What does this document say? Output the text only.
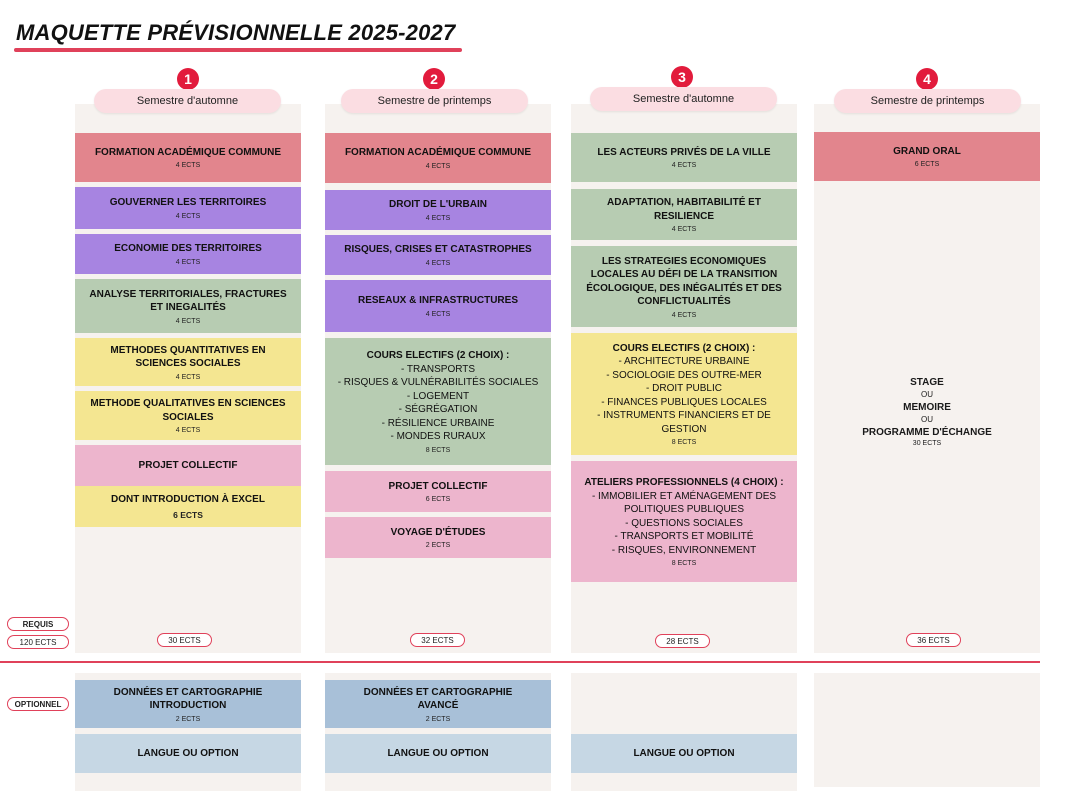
MAQUETTE PRÉVISIONNELLE 2025-2027
1
Semestre d'automne
2
Semestre de printemps
3
Semestre d'automne
4
Semestre de printemps
FORMATION ACADÉMIQUE COMMUNE
4 ECTS
GOUVERNER LES TERRITOIRES
4 ECTS
ECONOMIE DES TERRITOIRES
4 ECTS
ANALYSE TERRITORIALES, FRACTURES
ET INEGALITÉS
4 ECTS
METHODES QUANTITATIVES EN
SCIENCES SOCIALES
4 ECTS
METHODE QUALITATIVES EN SCIENCES
SOCIALES
4 ECTS
PROJET COLLECTIF
DONT INTRODUCTION À EXCEL
6 ECTS
30 ECTS
FORMATION ACADÉMIQUE COMMUNE
4 ECTS
DROIT DE L'URBAIN
4 ECTS
RISQUES, CRISES ET CATASTROPHES
4 ECTS
RESEAUX & INFRASTRUCTURES
4 ECTS
COURS ELECTIFS (2 CHOIX) :
- TRANSPORTS
- RISQUES & VULNÉRABILITÉS SOCIALES
- LOGEMENT
- SÉGRÉGATION
- RÉSILIENCE URBAINE
- MONDES RURAUX
8 ECTS
PROJET COLLECTIF
6 ECTS
VOYAGE D'ÉTUDES
2 ECTS
32 ECTS
LES ACTEURS PRIVÉS DE LA VILLE
4 ECTS
ADAPTATION, HABITABILITÉ ET
RESILIENCE
4 ECTS
LES STRATEGIES ECONOMIQUES
LOCALES AU DÉFI DE LA TRANSITION
ÉCOLOGIQUE, DES INÉGALITÉS ET DES
CONFLICTUALITÉS
4 ECTS
COURS ELECTIFS (2 CHOIX) :
- ARCHITECTURE URBAINE
- SOCIOLOGIE DES OUTRE-MER
- DROIT PUBLIC
- FINANCES PUBLIQUES LOCALES
- INSTRUMENTS FINANCIERS ET DE
GESTION
8 ECTS
ATELIERS PROFESSIONNELS (4 CHOIX) :
- IMMOBILIER ET AMÉNAGEMENT DES
POLITIQUES PUBLIQUES
- QUESTIONS SOCIALES
- TRANSPORTS ET MOBILITÉ
- RISQUES, ENVIRONNEMENT
8 ECTS
28 ECTS
GRAND ORAL
6 ECTS
STAGE
OU
MEMOIRE
OU
PROGRAMME D'ÉCHANGE
30 ECTS
36 ECTS
REQUIS
120 ECTS
OPTIONNEL
DONNÉES ET CARTOGRAPHIE
INTRODUCTION
2 ECTS
LANGUE OU OPTION
DONNÉES ET CARTOGRAPHIE
AVANCÉ
2 ECTS
LANGUE OU OPTION	LANGUE OU OPTION
